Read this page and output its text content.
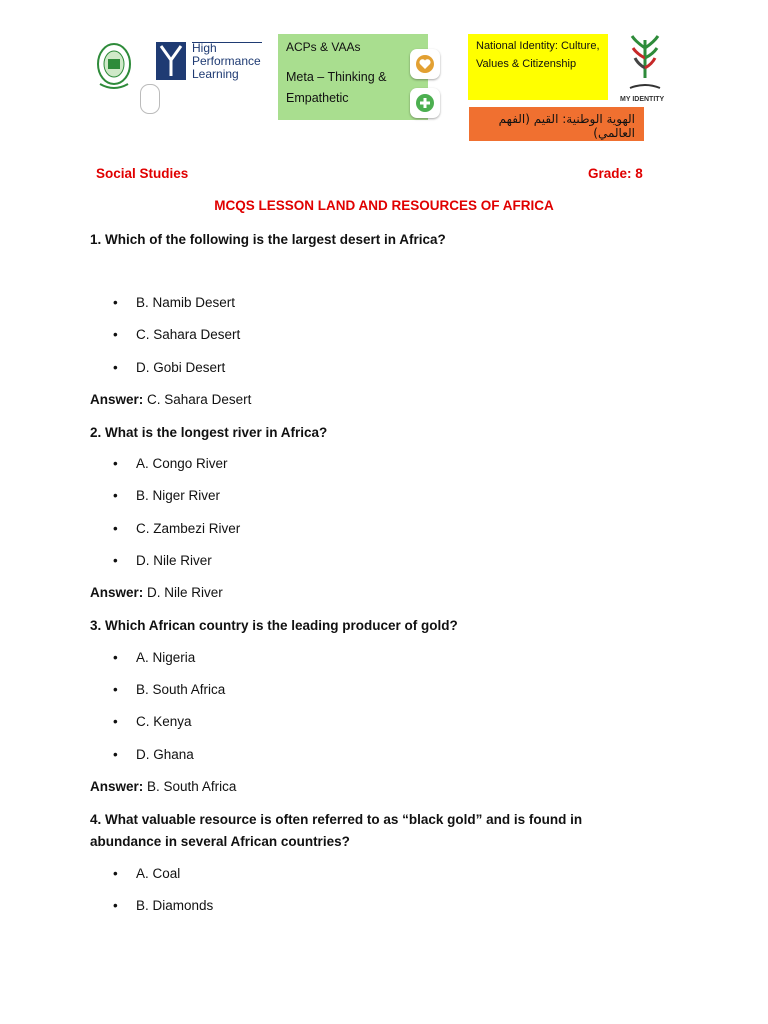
High
Performance
Learning
ACPs & VAAs
Meta – Thinking & Empathetic
National Identity: Culture, Values & Citizenship
الهوية الوطنية: القيم (الفهم العالمي)
MY IDENTITY
Social Studies	Grade: 8
MCQS LESSON LAND AND RESOURCES OF AFRICA
1. Which of the following is the largest desert in Africa?
• B. Namib Desert
• C. Sahara Desert
• D. Gobi Desert
Answer: C. Sahara Desert
2. What is the longest river in Africa?
• A. Congo River
• B. Niger River
• C. Zambezi River
• D. Nile River
Answer: D. Nile River
3. Which African country is the leading producer of gold?
• A. Nigeria
• B. South Africa
• C. Kenya
• D. Ghana
Answer: B. South Africa
4. What valuable resource is often referred to as “black gold” and is found in abundance in several African countries?
• A. Coal
• B. Diamonds
